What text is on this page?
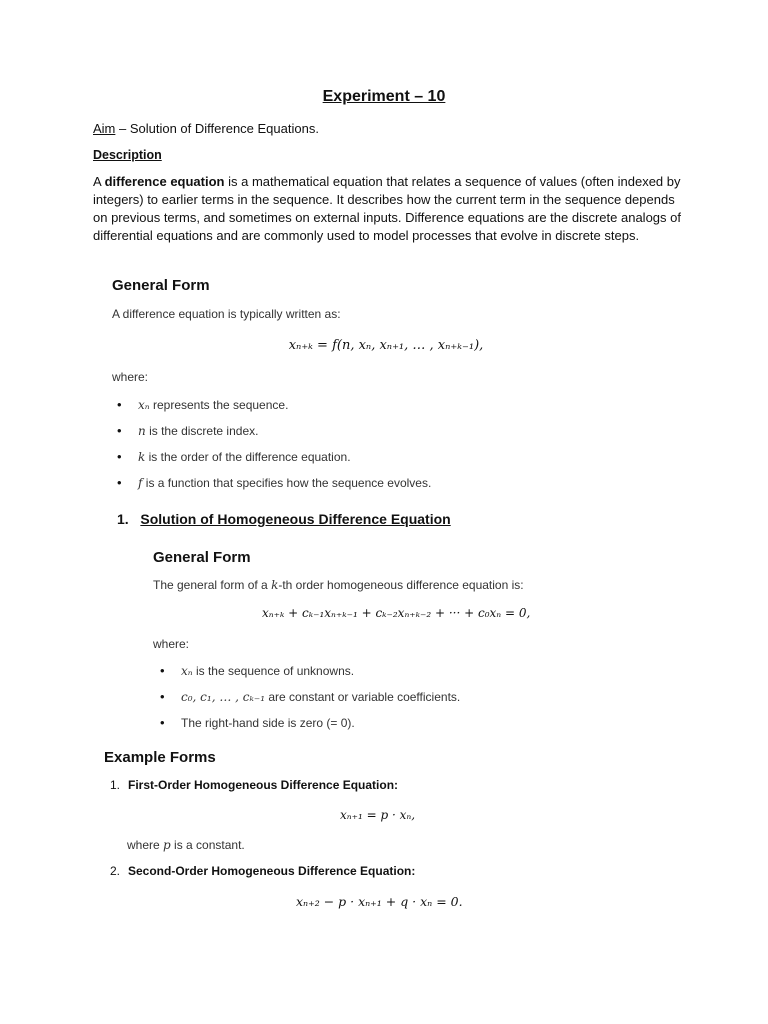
Experiment – 10
Aim – Solution of Difference Equations.
Description
A difference equation is a mathematical equation that relates a sequence of values (often indexed by integers) to earlier terms in the sequence. It describes how the current term in the sequence depends on previous terms, and sometimes on external inputs. Difference equations are the discrete analogs of differential equations and are commonly used to model processes that evolve in discrete steps.
General Form
A difference equation is typically written as:
xₙ₊ₖ = f(n, xₙ, xₙ₊₁, … , xₙ₊ₖ₋₁),
where:
• xₙ represents the sequence.
• n is the discrete index.
• k is the order of the difference equation.
• f is a function that specifies how the sequence evolves.
1. Solution of Homogeneous Difference Equation
General Form
The general form of a k-th order homogeneous difference equation is:
xₙ₊ₖ + cₖ₋₁xₙ₊ₖ₋₁ + cₖ₋₂xₙ₊ₖ₋₂ + ··· + c₀xₙ = 0,
where:
• xₙ is the sequence of unknowns.
• c₀, c₁, … , cₖ₋₁ are constant or variable coefficients.
• The right-hand side is zero (= 0).
Example Forms
1. First-Order Homogeneous Difference Equation:
xₙ₊₁ = p · xₙ,
where p is a constant.
2. Second-Order Homogeneous Difference Equation:
xₙ₊₂ − p · xₙ₊₁ + q · xₙ = 0.
